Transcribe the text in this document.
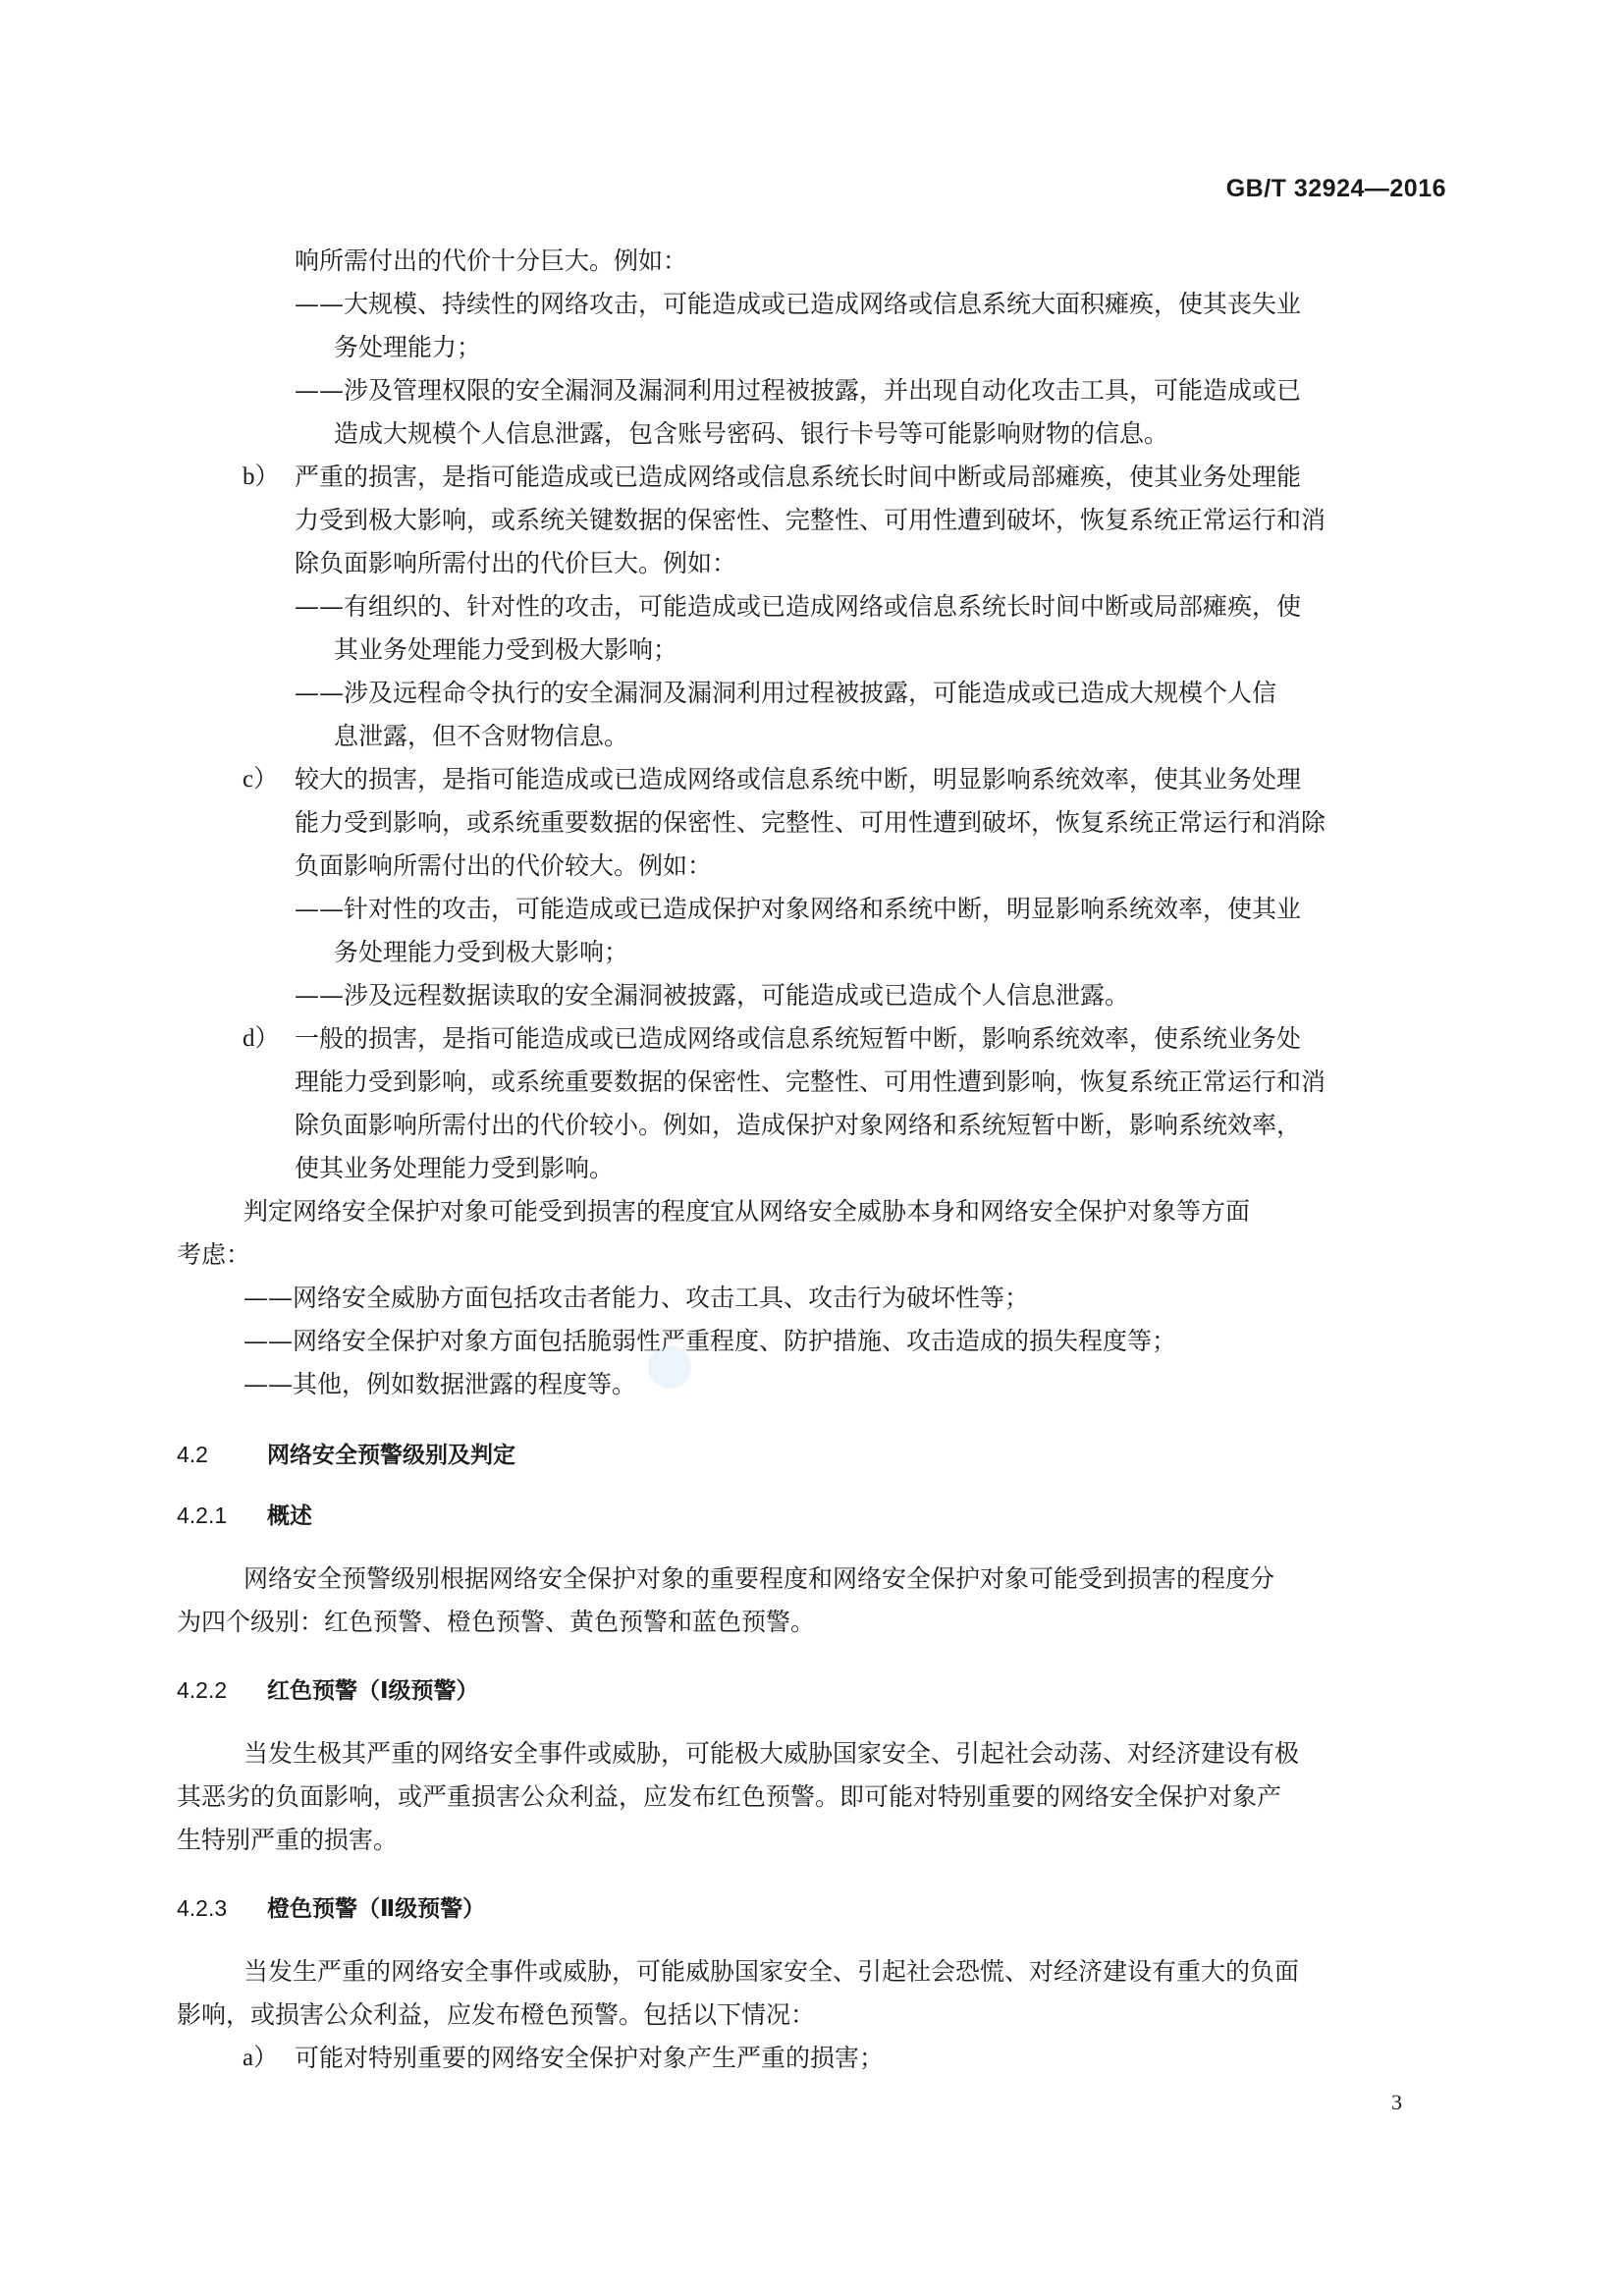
GB/T 32924—2016
响所需付出的代价十分巨大。例如：
——大规模、持续性的网络攻击，可能造成或已造成网络或信息系统大面积瘫痪，使其丧失业
务处理能力；
——涉及管理权限的安全漏洞及漏洞利用过程被披露，并出现自动化攻击工具，可能造成或已
造成大规模个人信息泄露，包含账号密码、银行卡号等可能影响财物的信息。
b） 严重的损害，是指可能造成或已造成网络或信息系统长时间中断或局部瘫痪，使其业务处理能
力受到极大影响，或系统关键数据的保密性、完整性、可用性遭到破坏，恢复系统正常运行和消
除负面影响所需付出的代价巨大。例如：
——有组织的、针对性的攻击，可能造成或已造成网络或信息系统长时间中断或局部瘫痪，使
其业务处理能力受到极大影响；
——涉及远程命令执行的安全漏洞及漏洞利用过程被披露，可能造成或已造成大规模个人信
息泄露，但不含财物信息。
c） 较大的损害，是指可能造成或已造成网络或信息系统中断，明显影响系统效率，使其业务处理
能力受到影响，或系统重要数据的保密性、完整性、可用性遭到破坏，恢复系统正常运行和消除
负面影响所需付出的代价较大。例如：
——针对性的攻击，可能造成或已造成保护对象网络和系统中断，明显影响系统效率，使其业
务处理能力受到极大影响；
——涉及远程数据读取的安全漏洞被披露，可能造成或已造成个人信息泄露。
d） 一般的损害，是指可能造成或已造成网络或信息系统短暂中断，影响系统效率，使系统业务处
理能力受到影响，或系统重要数据的保密性、完整性、可用性遭到影响，恢复系统正常运行和消
除负面影响所需付出的代价较小。例如，造成保护对象网络和系统短暂中断，影响系统效率，
使其业务处理能力受到影响。
判定网络安全保护对象可能受到损害的程度宜从网络安全威胁本身和网络安全保护对象等方面
考虑：
——网络安全威胁方面包括攻击者能力、攻击工具、攻击行为破坏性等；
——网络安全保护对象方面包括脆弱性严重程度、防护措施、攻击造成的损失程度等；
——其他，例如数据泄露的程度等。
4.2	网络安全预警级别及判定
4.2.1 概述
网络安全预警级别根据网络安全保护对象的重要程度和网络安全保护对象可能受到损害的程度分
为四个级别：红色预警、橙色预警、黄色预警和蓝色预警。
4.2.2 红色预警（Ⅰ级预警）
当发生极其严重的网络安全事件或威胁，可能极大威胁国家安全、引起社会动荡、对经济建设有极
其恶劣的负面影响，或严重损害公众利益，应发布红色预警。即可能对特别重要的网络安全保护对象产
生特别严重的损害。
4.2.3 橙色预警（Ⅱ级预警）
当发生严重的网络安全事件或威胁，可能威胁国家安全、引起社会恐慌、对经济建设有重大的负面
影响，或损害公众利益，应发布橙色预警。包括以下情况：
a） 可能对特别重要的网络安全保护对象产生严重的损害；
3
